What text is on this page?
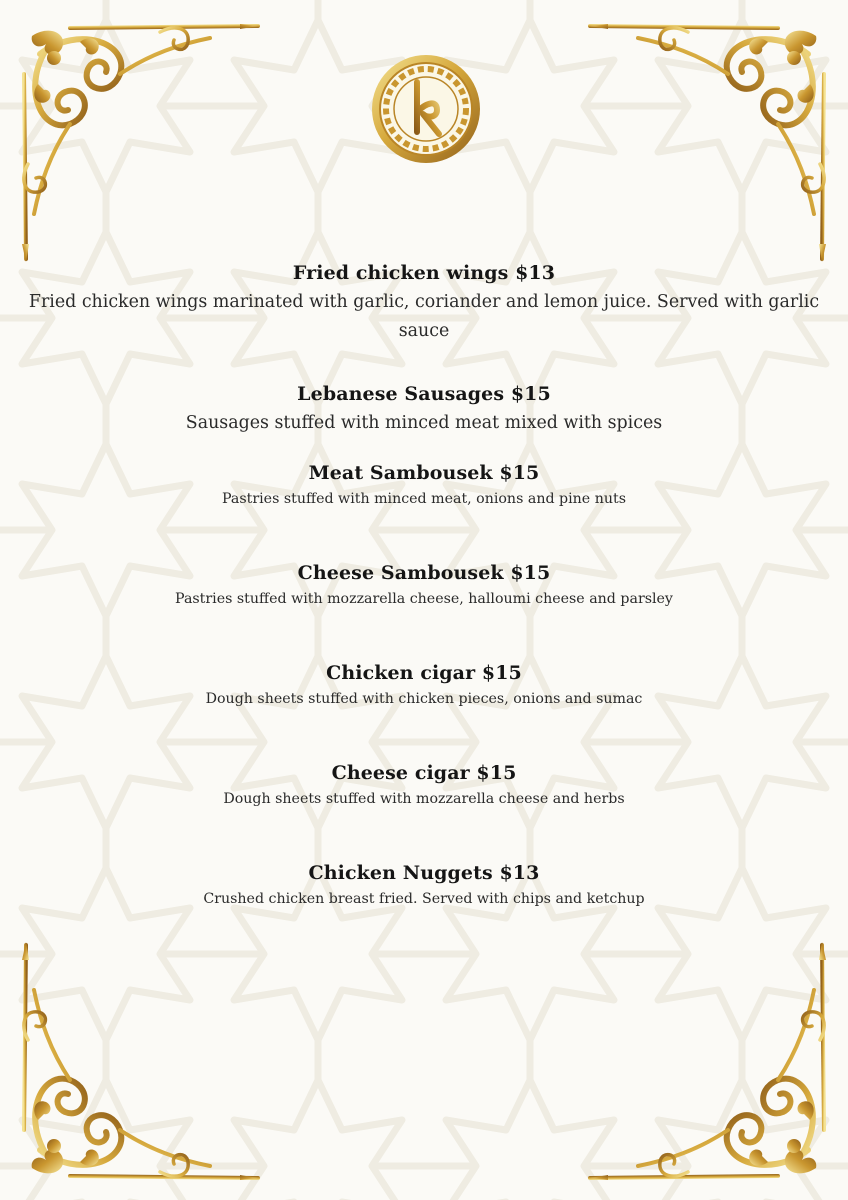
Fried chicken wings $13
Fried chicken wings marinated with garlic, coriander and lemon juice. Served with garlic sauce
Lebanese Sausages $15
Sausages stuffed with minced meat mixed with spices
Meat Sambousek $15
Pastries stuffed with minced meat, onions and pine nuts
Cheese Sambousek $15
Pastries stuffed with mozzarella cheese, halloumi cheese and parsley
Chicken cigar $15
Dough sheets stuffed with chicken pieces, onions and sumac
Cheese cigar $15
Dough sheets stuffed with mozzarella cheese and herbs
Chicken Nuggets $13
Crushed chicken breast fried. Served with chips and ketchup
